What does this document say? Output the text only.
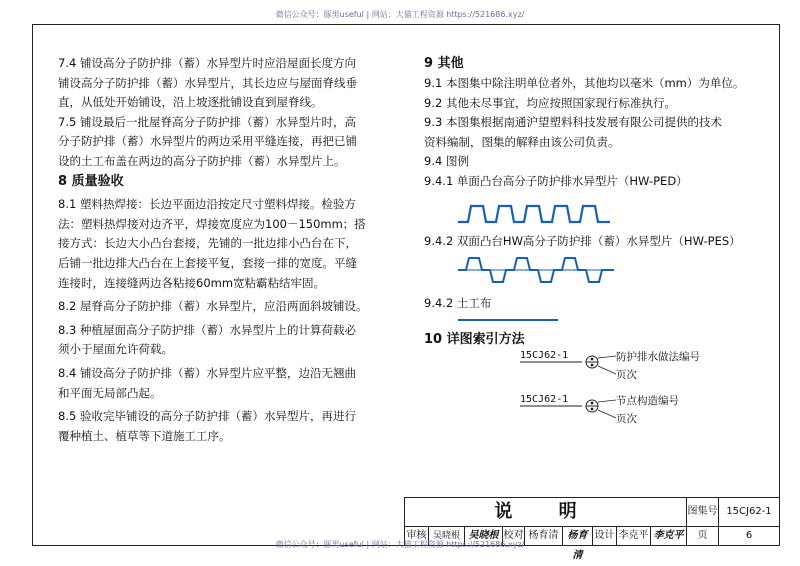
微信公众号：豚男useful | 网站：大猫工程资源 https://521686.xyz/

7.4 铺设高分子防护排（蓄）水异型片时应沿屋面长度方向

铺设高分子防护排（蓄）水异型片，其长边应与屋面脊线垂

直，从低处开始铺设，沿上坡逐批铺设直到屋脊线。

7.5 铺设最后一批屋脊高分子防护排（蓄）水异型片时，高

分子防护排（蓄）水异型片的两边采用平缝连接，再把已铺

设的土工布盖在两边的高分子防护排（蓄）水异型片上。

8 质量验收

8.1 塑料热焊接：长边平面边沿按定尺寸塑料焊接。检验方

法：塑料热焊接对边齐平，焊接宽度应为100－150mm；搭

接方式：长边大小凸台套接，先铺的一批边排小凸台在下，

后铺一批边排大凸台在上套接平复，套接一排的宽度。平缝

连接时，连接缝两边各粘接60mm宽粘霸粘结牢固。

8.2 屋脊高分子防护排（蓄）水异型片，应沿两面斜坡铺设。

8.3 种植屋面高分子防护排（蓄）水异型片上的计算荷载必

须小于屋面允许荷载。

8.4 铺设高分子防护排（蓄）水异型片应平整，边沿无翘曲

和平面无局部凸起。

8.5 验收完毕铺设的高分子防护排（蓄）水异型片，再进行

覆种植土、植草等下道施工工序。

9 其他

9.1 本图集中除注明单位者外，其他均以毫米（mm）为单位。

9.2 其他未尽事宜，均应按照国家现行标准执行。

9.3 本图集根据南通沪望塑料科技发展有限公司提供的技术

资料编制，图集的解释由该公司负责。

9.4 图例

9.4.1 单面凸台高分子防护排水异型片（HW-PED）

9.4.2 双面凸台HW高分子防护排（蓄）水异型片（HW-PES）

9.4.2 土工布

10 详图索引方法

15CJ62-1	防护排水做法编号
页次
15CJ62-1	节点构造编号
页次
说 明	图集号 15CJ62-1
审核 吴晓根 吴晓根 校对 杨育清 杨育清
设计 李克平 李克平	页	6
微信公众号：豚男useful | 网站：大猫工程资源 https://521686.xyz/
